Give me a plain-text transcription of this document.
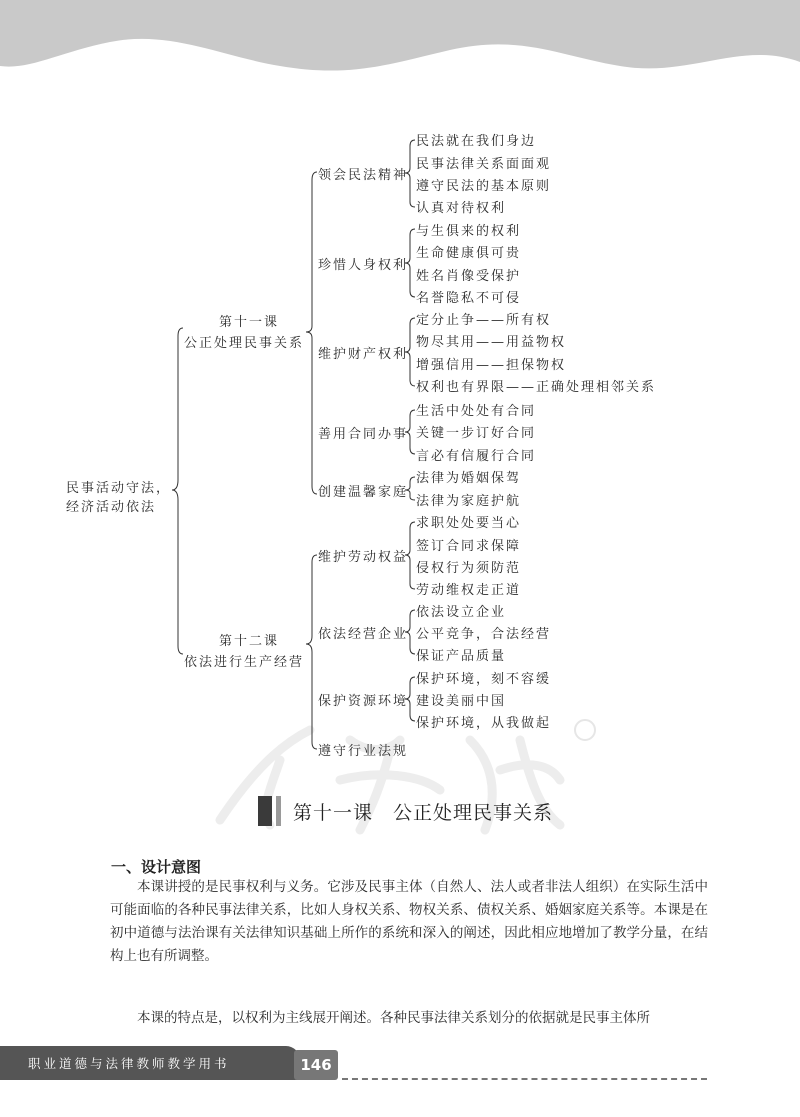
民事活动守法，
经济活动依法
第十一课
公正处理民事关系
第十二课
依法进行生产经营
领会民法精神
珍惜人身权利
维护财产权利
善用合同办事
创建温馨家庭
维护劳动权益
依法经营企业
保护资源环境
遵守行业法规
民法就在我们身边
民事法律关系面面观
遵守民法的基本原则
认真对待权利
与生俱来的权利
生命健康俱可贵
姓名肖像受保护
名誉隐私不可侵
定分止争——所有权
物尽其用——用益物权
增强信用——担保物权
权利也有界限——正确处理相邻关系
生活中处处有合同
关键一步订好合同
言必有信履行合同
法律为婚姻保驾
法律为家庭护航
求职处处要当心
签订合同求保障
侵权行为须防范
劳动维权走正道
依法设立企业
公平竞争，合法经营
保证产品质量
保护环境，刻不容缓
建设美丽中国
保护环境，从我做起
第十一课　公正处理民事关系
一、设计意图

本课讲授的是民事权利与义务。它涉及民事主体（自然人、法人或者非法人组织）在实际生活中可能面临的各种民事法律关系，比如人身权关系、物权关系、债权关系、婚姻家庭关系等。本课是在初中道德与法治课有关法律知识基础上所作的系统和深入的阐述，因此相应地增加了教学分量，在结构上也有所调整。

本课的特点是，以权利为主线展开阐述。各种民事法律关系划分的依据就是民事主体所

职业道德与法律教师教学用书	146
